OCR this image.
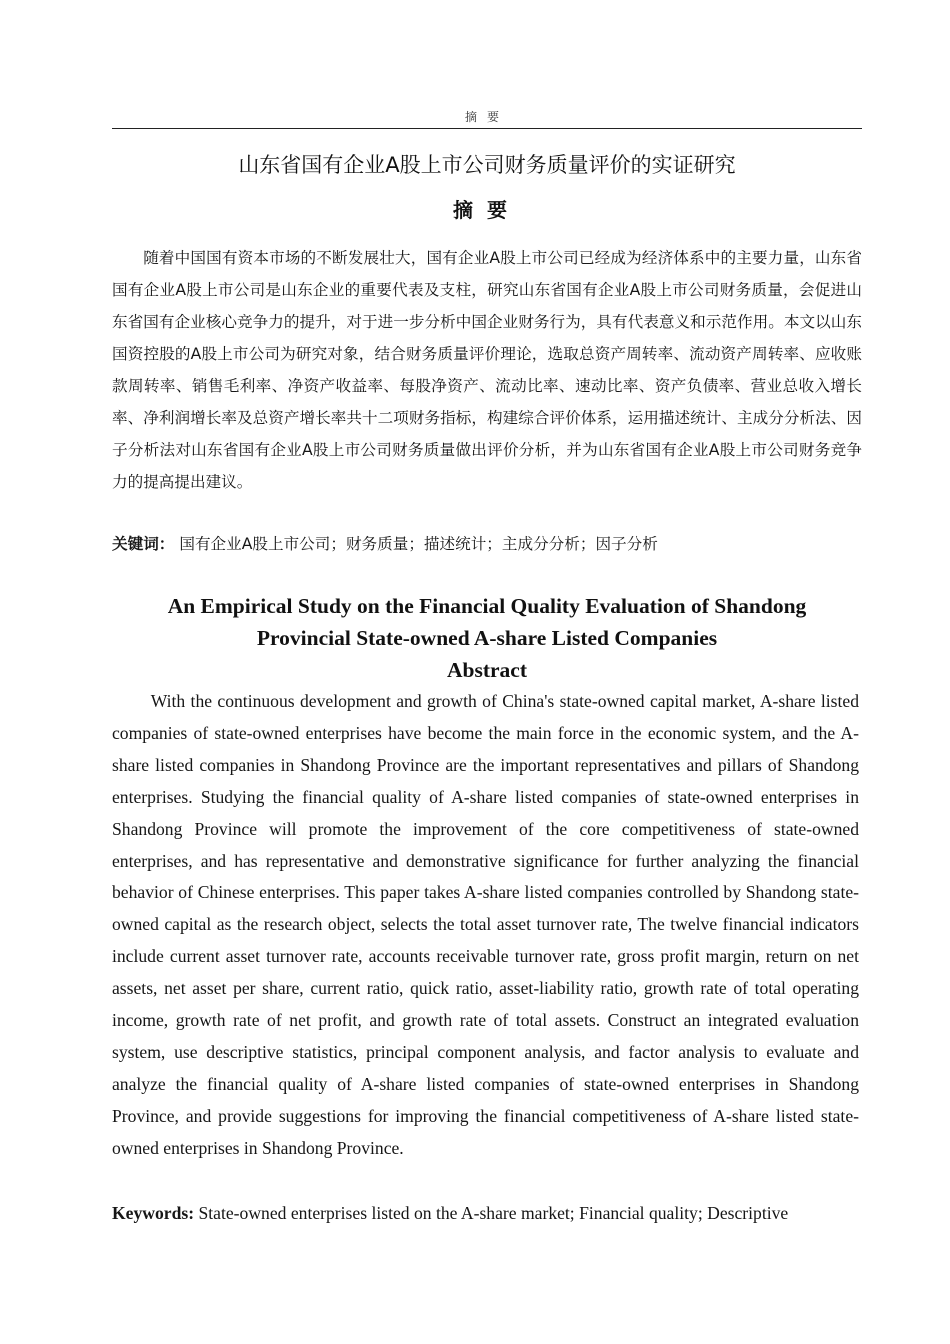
摘要
山东省国有企业A股上市公司财务质量评价的实证研究
摘要

随着中国国有资本市场的不断发展壮大，国有企业A股上市公司已经成为经济体系中的主要力量，山东省国有企业A股上市公司是山东企业的重要代表及支柱，研究山东省国有企业A股上市公司财务质量，会促进山东省国有企业核心竞争力的提升，对于进一步分析中国企业财务行为，具有代表意义和示范作用。本文以山东国资控股的A股上市公司为研究对象，结合财务质量评价理论，选取总资产周转率、流动资产周转率、应收账款周转率、销售毛利率、净资产收益率、每股净资产、流动比率、速动比率、资产负债率、营业总收入增长率、净利润增长率及总资产增长率共十二项财务指标，构建综合评价体系，运用描述统计、主成分分析法、因子分析法对山东省国有企业A股上市公司财务质量做出评价分析，并为山东省国有企业A股上市公司财务竞争力的提高提出建议。

关键词： 国有企业A股上市公司；财务质量；描述统计；主成分分析；因子分析
An Empirical Study on the Financial Quality Evaluation of Shandong
Provincial State-owned A-share Listed Companies
Abstract

With the continuous development and growth of China's state-owned capital market, A-share listed companies of state-owned enterprises have become the main force in the economic system, and the A-share listed companies in Shandong Province are the important representatives and pillars of Shandong enterprises. Studying the financial quality of A-share listed companies of state-owned enterprises in Shandong Province will promote the improvement of the core competitiveness of state-owned enterprises, and has representative and demonstrative significance for further analyzing the financial behavior of Chinese enterprises. This paper takes A-share listed companies controlled by Shandong state-owned capital as the research object, selects the total asset turnover rate, The twelve financial indicators include current asset turnover rate, accounts receivable turnover rate, gross profit margin, return on net assets, net asset per share, current ratio, quick ratio, asset-liability ratio, growth rate of total operating income, growth rate of net profit, and growth rate of total assets. Construct an integrated evaluation system, use descriptive statistics, principal component analysis, and factor analysis to evaluate and analyze the financial quality of A-share listed companies of state-owned enterprises in Shandong Province, and provide suggestions for improving the financial competitiveness of A-share listed state-owned enterprises in Shandong Province.

Keywords: State-owned enterprises listed on the A-share market; Financial quality; Descriptive
